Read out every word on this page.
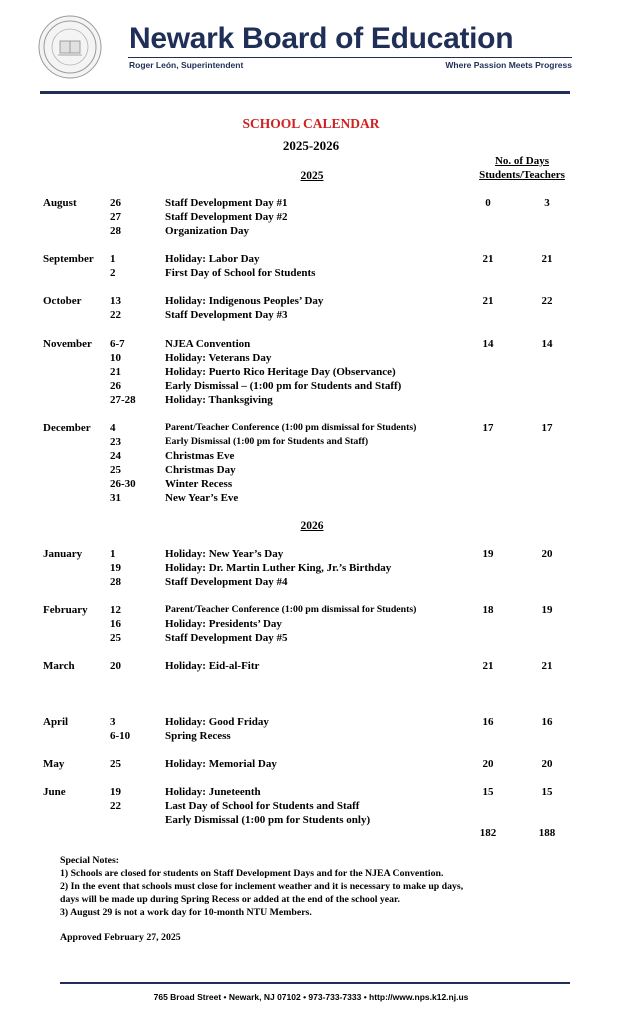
Newark Board of Education
Roger León, Superintendent	Where Passion Meets Progress
SCHOOL CALENDAR
2025-2026
No. of Days
Students/Teachers
2025
2026
August	26	Staff Development Day #1	0	3
27	Staff Development Day #2
28	Organization Day
September 1	Holiday: Labor Day	21	21
2	First Day of School for Students
October	13	Holiday: Indigenous Peoples’ Day	21	22
22	Staff Development Day #3
November 6-7	NJEA Convention	14	14
10	Holiday: Veterans Day
21	Holiday: Puerto Rico Heritage Day (Observance)
26	Early Dismissal – (1:00 pm for Students and Staff)
27-28	Holiday: Thanksgiving
December 4	Parent/Teacher Conference (1:00 pm dismissal for Students)	17	17
23	Early Dismissal (1:00 pm for Students and Staff)
24	Christmas Eve
25	Christmas Day
26-30	Winter Recess
31	New Year’s Eve
January	1	Holiday: New Year’s Day	19	20
19	Holiday: Dr. Martin Luther King, Jr.’s Birthday
28	Staff Development Day #4
February 12	Parent/Teacher Conference (1:00 pm dismissal for Students)	18	19
16	Holiday: Presidents’ Day
25	Staff Development Day #5
March	20	Holiday: Eid-al-Fitr	21	21
April	3	Holiday: Good Friday	16	16
6-10	Spring Recess
May	25	Holiday: Memorial Day	20	20
June	19	Holiday: Juneteenth	15	15
22	Last Day of School for Students and Staff
Early Dismissal (1:00 pm for Students only)
182	188
Special Notes:
1) Schools are closed for students on Staff Development Days and for the NJEA Convention.
2) In the event that schools must close for inclement weather and it is necessary to make up days,
days will be made up during Spring Recess or added at the end of the school year.
3) August 29 is not a work day for 10-month NTU Members.
Approved February 27, 2025
765 Broad Street • Newark, NJ 07102 • 973-733-7333 • http://www.nps.k12.nj.us
